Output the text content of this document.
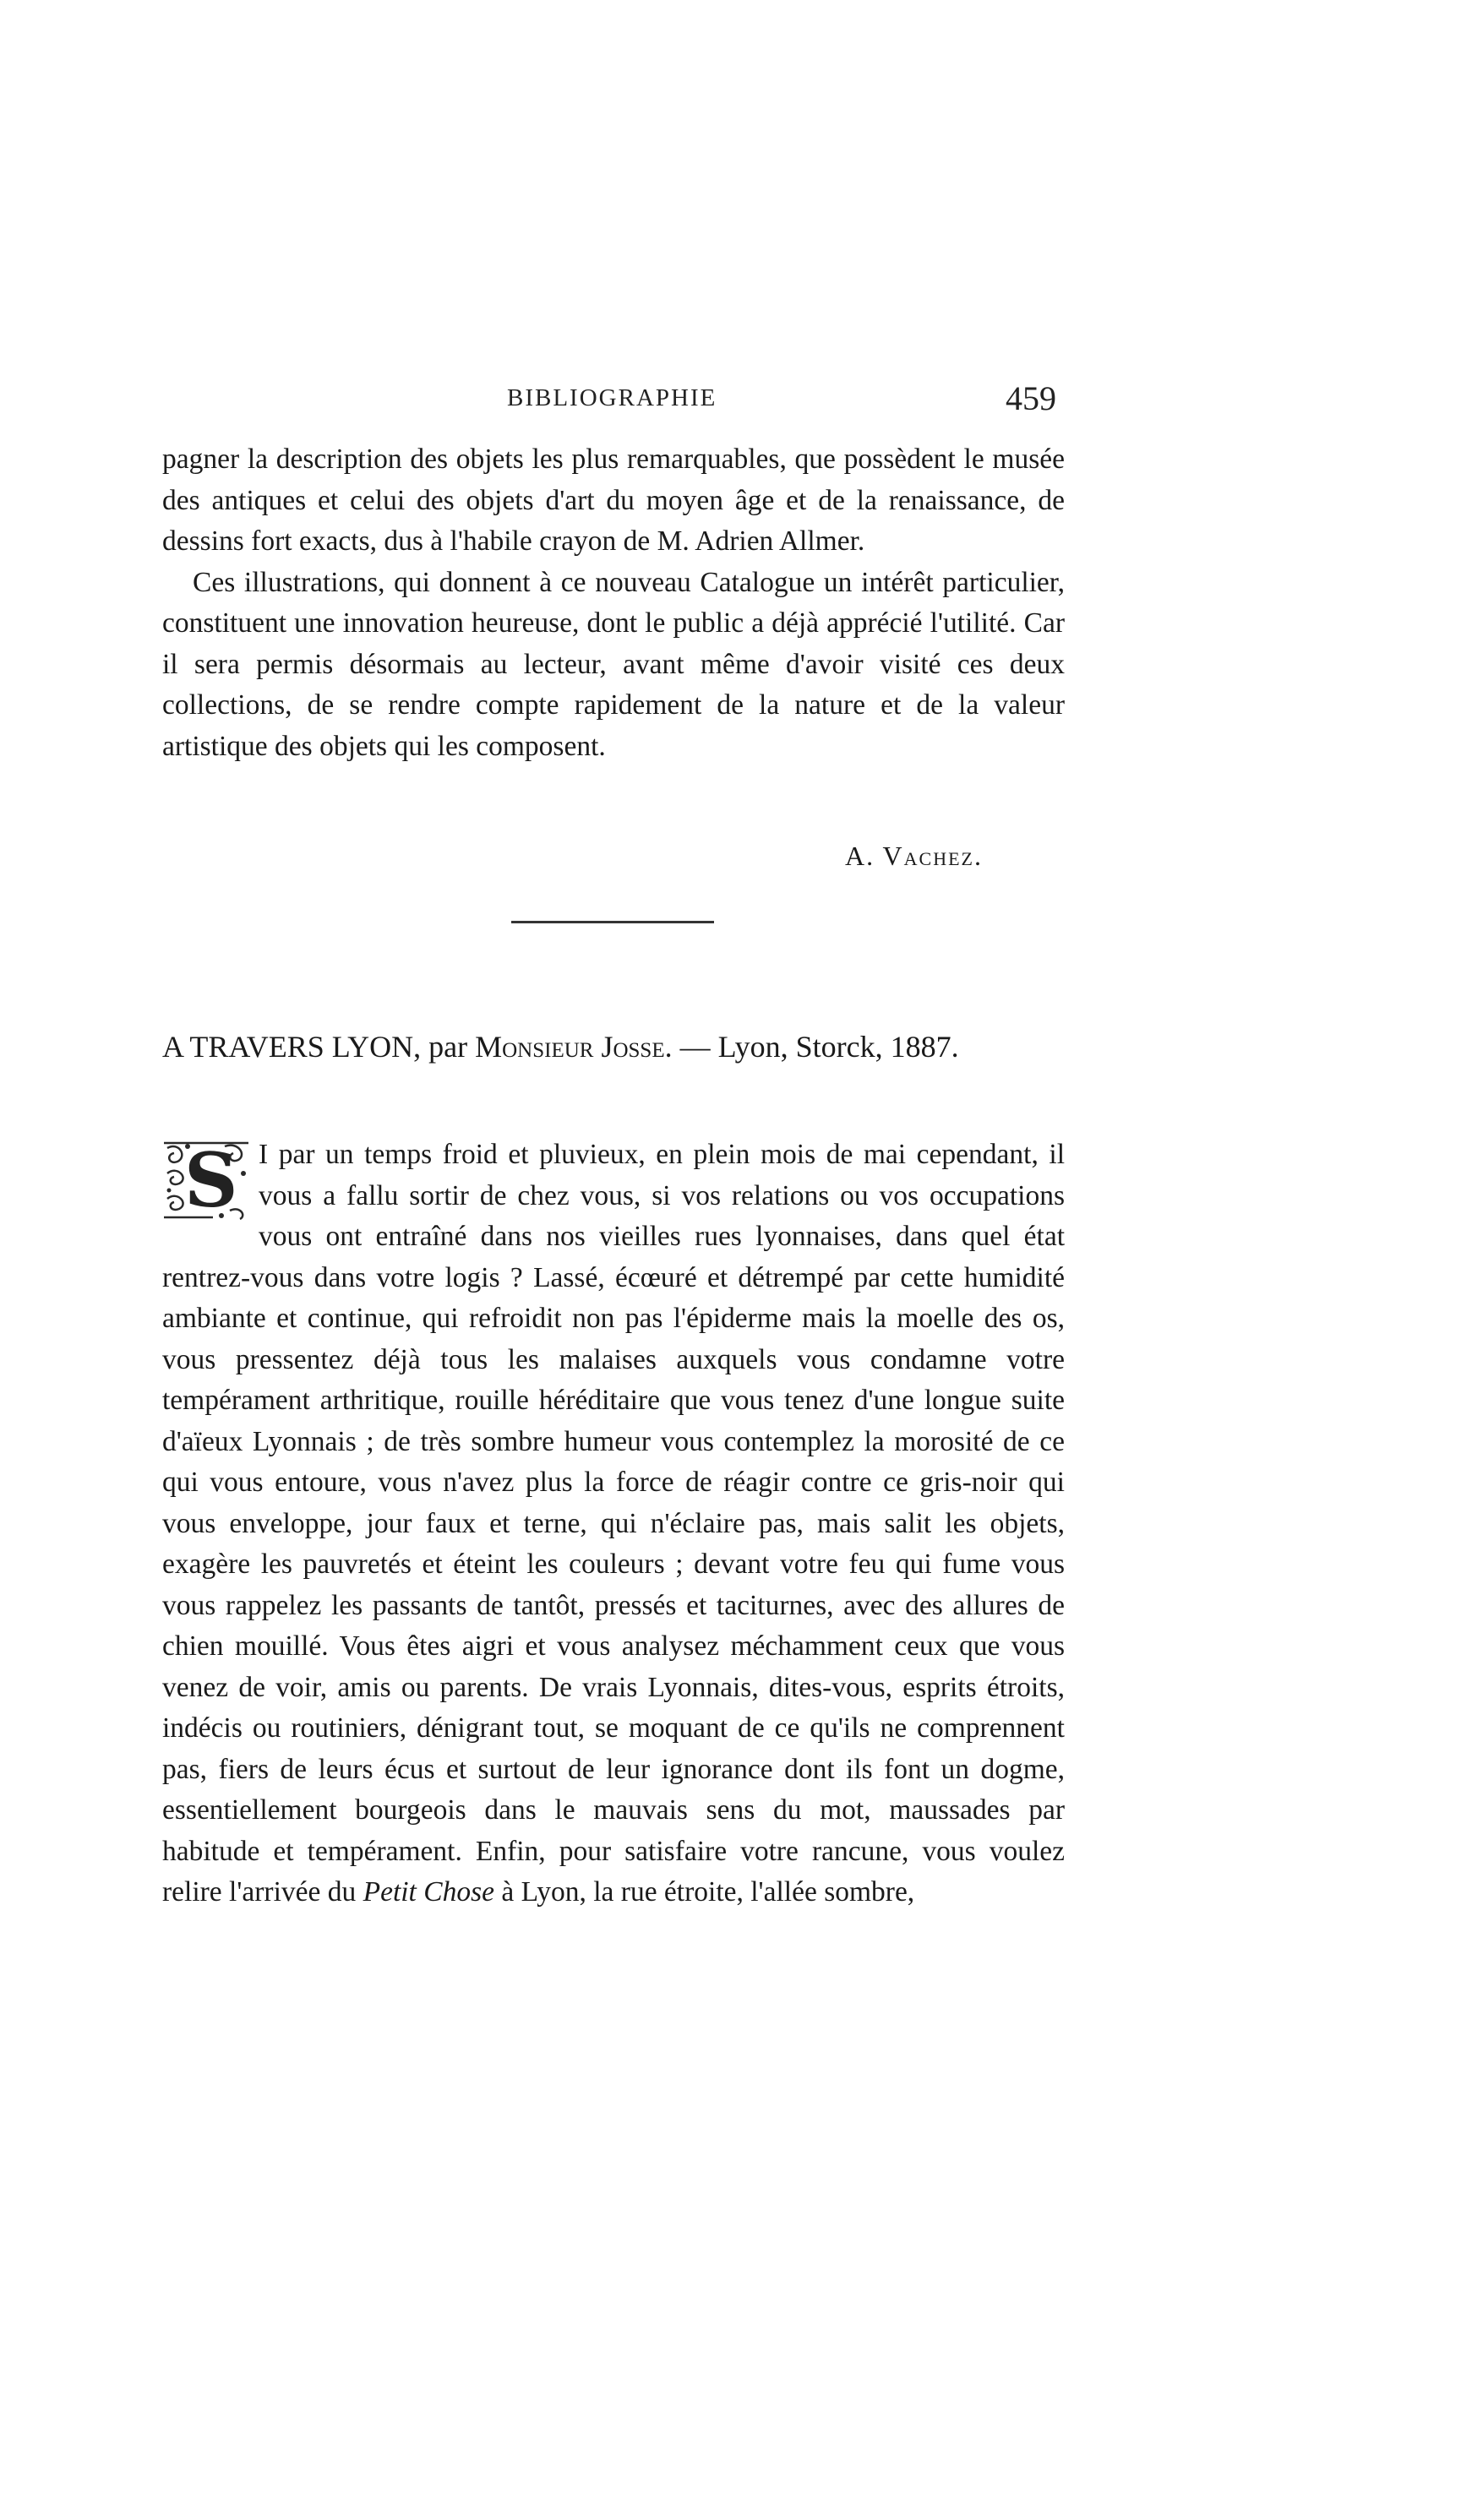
BIBLIOGRAPHIE	459

pagner la description des objets les plus remarquables, que possèdent le musée des antiques et celui des objets d'art du moyen âge et de la renaissance, de dessins fort exacts, dus à l'habile crayon de M. Adrien Allmer.

Ces illustrations, qui donnent à ce nouveau Catalogue un intérêt particulier, constituent une innovation heureuse, dont le public a déjà apprécié l'utilité. Car il sera permis désormais au lecteur, avant même d'avoir visité ces deux collections, de se rendre compte rapidement de la nature et de la valeur artistique des objets qui les composent.

A. Vachez.
A TRAVERS LYON, par Monsieur Josse. — Lyon, Storck, 1887.
S I par un temps froid et pluvieux, en plein mois de mai cependant, il vous a fallu sortir de chez vous, si vos relations ou vos occupations vous ont entraîné dans nos vieilles rues lyonnaises, dans quel état rentrez-vous dans votre logis ? Lassé, écœuré et détrempé par cette humidité ambiante et continue, qui refroidit non pas l'épiderme mais la moelle des os, vous pressentez déjà tous les malaises auxquels vous condamne votre tempérament arthritique, rouille héréditaire que vous tenez d'une longue suite d'aïeux Lyonnais ; de très sombre humeur vous contemplez la morosité de ce qui vous entoure, vous n'avez plus la force de réagir contre ce gris-noir qui vous enveloppe, jour faux et terne, qui n'éclaire pas, mais salit les objets, exagère les pauvretés et éteint les couleurs ; devant votre feu qui fume vous vous rappelez les passants de tantôt, pressés et taciturnes, avec des allures de chien mouillé. Vous êtes aigri et vous analysez méchamment ceux que vous venez de voir, amis ou parents. De vrais Lyonnais, dites-vous, esprits étroits, indécis ou routiniers, dénigrant tout, se moquant de ce qu'ils ne comprennent pas, fiers de leurs écus et surtout de leur ignorance dont ils font un dogme, essentiellement bourgeois dans le mauvais sens du mot, maussades par habitude et tempérament. Enfin, pour satisfaire votre rancune, vous voulez relire l'arrivée du Petit Chose à Lyon, la rue étroite, l'allée sombre,
